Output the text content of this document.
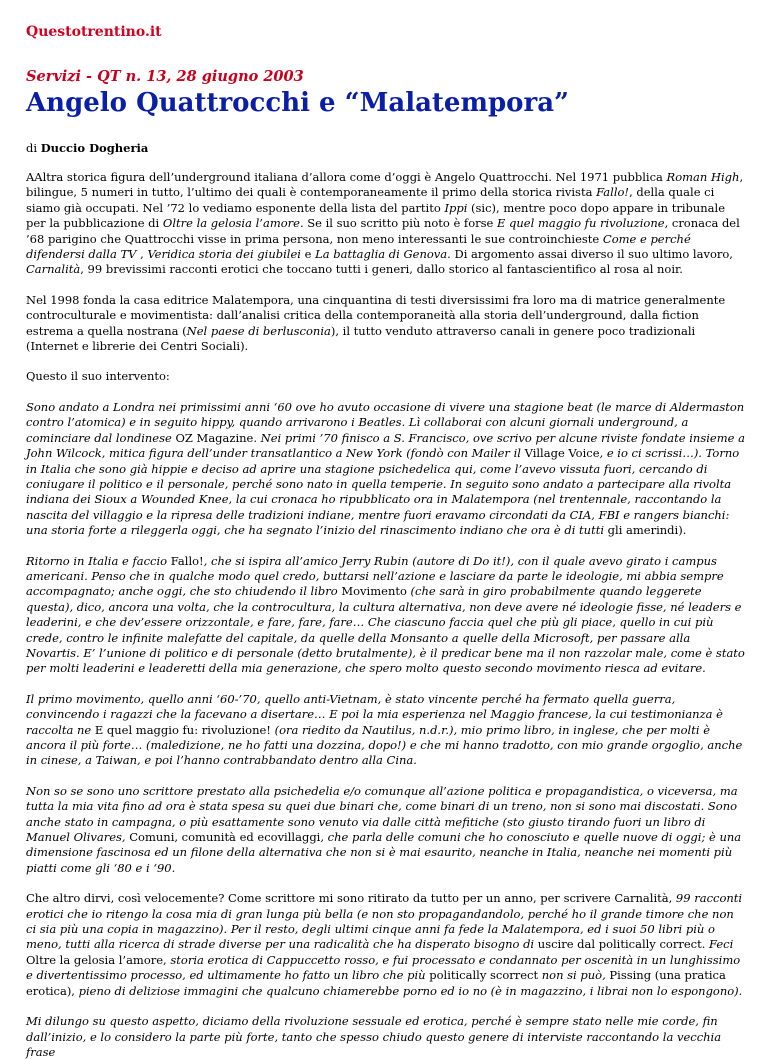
Questotrentino.it
Servizi - QT n. 13, 28 giugno 2003
Angelo Quattrocchi e “Malatempora”
di Duccio Dogheria

AAltra storica figura dell’underground italiana d’allora come d’oggi è Angelo Quattrocchi. Nel 1971 pubblica Roman High, bilingue, 5 numeri in tutto, l’ultimo dei quali è contemporaneamente il primo della storica rivista Fallo!, della quale ci siamo già occupati. Nel ’72 lo vediamo esponente della lista del partito Ippi (sic), mentre poco dopo appare in tribunale per la pubblicazione di Oltre la gelosia l’amore. Se il suo scritto più noto è forse E quel maggio fu rivoluzione, cronaca del ’68 parigino che Quattrocchi visse in prima persona, non meno interessanti le sue controinchieste Come e perché difendersi dalla TV , Veridica storia dei giubilei e La battaglia di Genova. Di argomento assai diverso il suo ultimo lavoro, Carnalità, 99 brevissimi racconti erotici che toccano tutti i generi, dallo storico al fantascientifico al rosa al noir.

Nel 1998 fonda la casa editrice Malatempora, una cinquantina di testi diversissimi fra loro ma di matrice generalmente controculturale e movimentista: dall’analisi critica della contemporaneità alla storia dell’underground, dalla fiction estrema a quella nostrana (Nel paese di berlusconia), il tutto venduto attraverso canali in genere poco tradizionali (Internet e librerie dei Centri Sociali).

Questo il suo intervento:

Sono andato a Londra nei primissimi anni ‘60 ove ho avuto occasione di vivere una stagione beat (le marce di Aldermaston contro l’atomica) e in seguito hippy, quando arrivarono i Beatles. Lì collaborai con alcuni giornali underground, a cominciare dal londinese OZ Magazine. Nei primi ’70 finisco a S. Francisco, ove scrivo per alcune riviste fondate insieme a John Wilcock, mitica figura dell’under transatlantico a New York (fondò con Mailer il Village Voice, e io ci scrissi…). Torno in Italia che sono già hippie e deciso ad aprire una stagione psichedelica qui, come l’avevo vissuta fuori, cercando di coniugare il politico e il personale, perché sono nato in quella temperie. In seguito sono andato a partecipare alla rivolta indiana dei Sioux a Wounded Knee, la cui cronaca ho ripubblicato ora in Malatempora (nel trentennale, raccontando la nascita del villaggio e la ripresa delle tradizioni indiane, mentre fuori eravamo circondati da CIA, FBI e rangers bianchi: una storia forte a rileggerla oggi, che ha segnato l’inizio del rinascimento indiano che ora è di tutti gli amerindi).

Ritorno in Italia e faccio Fallo!, che si ispira all’amico Jerry Rubin (autore di Do it!), con il quale avevo girato i campus americani. Penso che in qualche modo quel credo, buttarsi nell’azione e lasciare da parte le ideologie, mi abbia sempre accompagnato; anche oggi, che sto chiudendo il libro Movimento (che sarà in giro probabilmente quando leggerete questa), dico, ancora una volta, che la controcultura, la cultura alternativa, non deve avere né ideologie fisse, né leaders e leaderini, e che dev’essere orizzontale, e fare, fare, fare… Che ciascuno faccia quel che più gli piace, quello in cui più crede, contro le infinite malefatte del capitale, da quelle della Monsanto a quelle della Microsoft, per passare alla Novartis. E’ l’unione di politico e di personale (detto brutalmente), è il predicar bene ma il non razzolar male, come è stato per molti leaderini e leaderetti della mia generazione, che spero molto questo secondo movimento riesca ad evitare.

Il primo movimento, quello anni ‘60-’70, quello anti-Vietnam, è stato vincente perché ha fermato quella guerra, convincendo i ragazzi che la facevano a disertare… E poi la mia esperienza nel Maggio francese, la cui testimonianza è raccolta ne E quel maggio fu: rivoluzione! (ora riedito da Nautilus, n.d.r.), mio primo libro, in inglese, che per molti è ancora il più forte… (maledizione, ne ho fatti una dozzina, dopo!) e che mi hanno tradotto, con mio grande orgoglio, anche in cinese, a Taiwan, e poi l’hanno contrabbandato dentro alla Cina.

Non so se sono uno scrittore prestato alla psichedelia e/o comunque all’azione politica e propagandistica, o viceversa, ma tutta la mia vita fino ad ora è stata spesa su quei due binari che, come binari di un treno, non si sono mai discostati. Sono anche stato in campagna, o più esattamente sono venuto via dalle città mefitiche (sto giusto tirando fuori un libro di Manuel Olivares, Comuni, comunità ed ecovillaggi, che parla delle comuni che ho conosciuto e quelle nuove di oggi; è una dimensione fascinosa ed un filone della alternativa che non si è mai esaurito, neanche in Italia, neanche nei momenti più piatti come gli ‘80 e i ‘90.

Che altro dirvi, così velocemente? Come scrittore mi sono ritirato da tutto per un anno, per scrivere Carnalità, 99 racconti erotici che io ritengo la cosa mia di gran lunga più bella (e non sto propagandandolo, perché ho il grande timore che non ci sia più una copia in magazzino). Per il resto, degli ultimi cinque anni fa fede la Malatempora, ed i suoi 50 libri più o meno, tutti alla ricerca di strade diverse per una radicalità che ha disperato bisogno di uscire dal politically correct. Feci Oltre la gelosia l’amore, storia erotica di Cappuccetto rosso, e fui processato e condannato per oscenità in un lunghissimo e divertentissimo processo, ed ultimamente ho fatto un libro che più politically scorrect non si può, Pissing (una pratica erotica), pieno di deliziose immagini che qualcuno chiamerebbe porno ed io no (è in magazzino, i librai non lo espongono).

Mi dilungo su questo aspetto, diciamo della rivoluzione sessuale ed erotica, perché è sempre stato nelle mie corde, fin dall’inizio, e lo considero la parte più forte, tanto che spesso chiudo questo genere di interviste raccontando la vecchia frase
